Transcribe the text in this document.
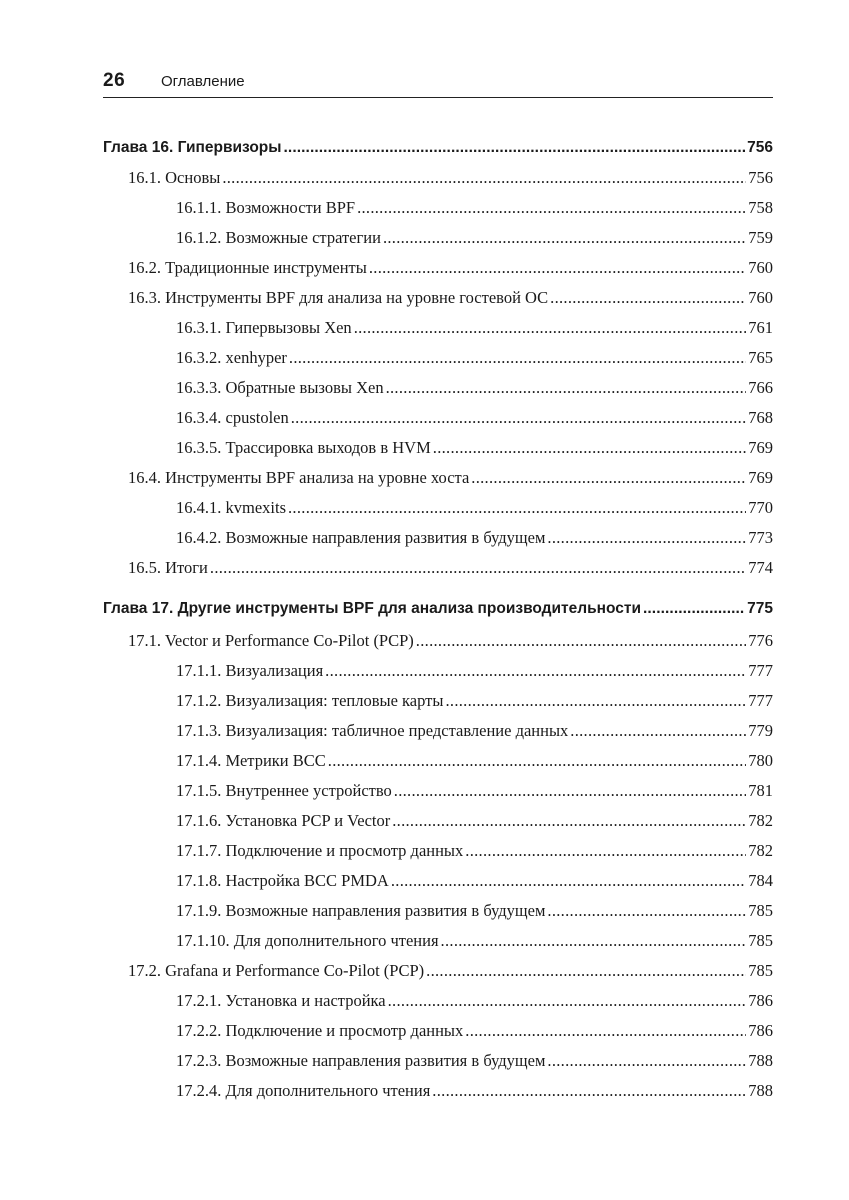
26 Оглавление
Глава 16. Гипервизоры .....	756
16.1. Основы .....	756
16.1.1. Возможности BPF .....	758
16.1.2. Возможные стратегии .....	759
16.2. Традиционные инструменты .....	760
16.3. Инструменты BPF для анализа на уровне гостевой ОС .....	760
16.3.1. Гипервызовы Xen .....	761
16.3.2. xenhyper .....	765
16.3.3. Обратные вызовы Xen .....	766
16.3.4. cpustolen .....	768
16.3.5. Трассировка выходов в HVM .....	769
16.4. Инструменты BPF анализа на уровне хоста .....	769
16.4.1. kvmexits .....	770
16.4.2. Возможные направления развития в будущем .....	773
16.5. Итоги .....	774
Глава 17. Другие инструменты BPF для анализа производительности .....	775
17.1. Vector и Performance Co-Pilot (PCP) .....	776
17.1.1. Визуализация .....	777
17.1.2. Визуализация: тепловые карты .....	777
17.1.3. Визуализация: табличное представление данных .....	779
17.1.4. Метрики BCC .....	780
17.1.5. Внутреннее устройство .....	781
17.1.6. Установка PCP и Vector .....	782
17.1.7. Подключение и просмотр данных .....	782
17.1.8. Настройка BCC PMDA .....	784
17.1.9. Возможные направления развития в будущем .....	785
17.1.10. Для дополнительного чтения .....	785
17.2. Grafana и Performance Co-Pilot (PCP) .....	785
17.2.1. Установка и настройка .....	786
17.2.2. Подключение и просмотр данных .....	786
17.2.3. Возможные направления развития в будущем .....	788
17.2.4. Для дополнительного чтения .....	788
